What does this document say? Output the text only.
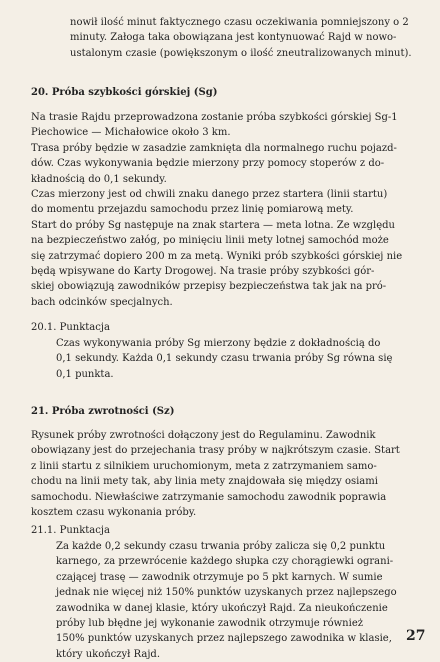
nowił ilość minut faktycznego czasu oczekiwania pomniejszony o 2

minuty. Załoga taka obowiązana jest kontynuować Rajd w nowo-

ustalonym czasie (powiększonym o ilość zneutralizowanych minut).

20. Próba szybkości górskiej (Sg)

Na trasie Rajdu przeprowadzona zostanie próba szybkości górskiej Sg-1

Piechowice — Michałowice około 3 km.

Trasa próby będzie w zasadzie zamknięta dla normalnego ruchu pojazd-

dów. Czas wykonywania będzie mierzony przy pomocy stoperów z do-

kładnością do 0,1 sekundy.

Czas mierzony jest od chwili znaku danego przez startera (linii startu)

do momentu przejazdu samochodu przez linię pomiarową mety.

Start do próby Sg następuje na znak startera — meta lotna. Ze względu

na bezpieczeństwo załóg, po minięciu linii mety lotnej samochód może

się zatrzymać dopiero 200 m za metą. Wyniki prób szybkości górskiej nie

będą wpisywane do Karty Drogowej. Na trasie próby szybkości gór-

skiej obowiązują zawodników przepisy bezpieczeństwa tak jak na pró-

bach odcinków specjalnych.

20.1. Punktacja

Czas wykonywania próby Sg mierzony będzie z dokładnością do

0,1 sekundy. Każda 0,1 sekundy czasu trwania próby Sg równa się

0,1 punkta.

21. Próba zwrotności (Sz)

Rysunek próby zwrotności dołączony jest do Regulaminu. Zawodnik

obowiązany jest do przejechania trasy próby w najkrótszym czasie. Start

z linii startu z silnikiem uruchomionym, meta z zatrzymaniem samo-

chodu na linii mety tak, aby linia mety znajdowała się między osiami

samochodu. Niewłaściwe zatrzymanie samochodu zawodnik poprawia

kosztem czasu wykonania próby.

21.1. Punktacja

Za każde 0,2 sekundy czasu trwania próby zalicza się 0,2 punktu

karnego, za przewrócenie każdego słupka czy chorągiewki ograni-

czającej trasę — zawodnik otrzymuje po 5 pkt karnych. W sumie

jednak nie więcej niż 150% punktów uzyskanych przez najlepszego

zawodnika w danej klasie, który ukończył Rajd. Za nieukończenie

próby lub błędne jej wykonanie zawodnik otrzymuje również

150% punktów uzyskanych przez najlepszego zawodnika w klasie,

który ukończył Rajd.

27
